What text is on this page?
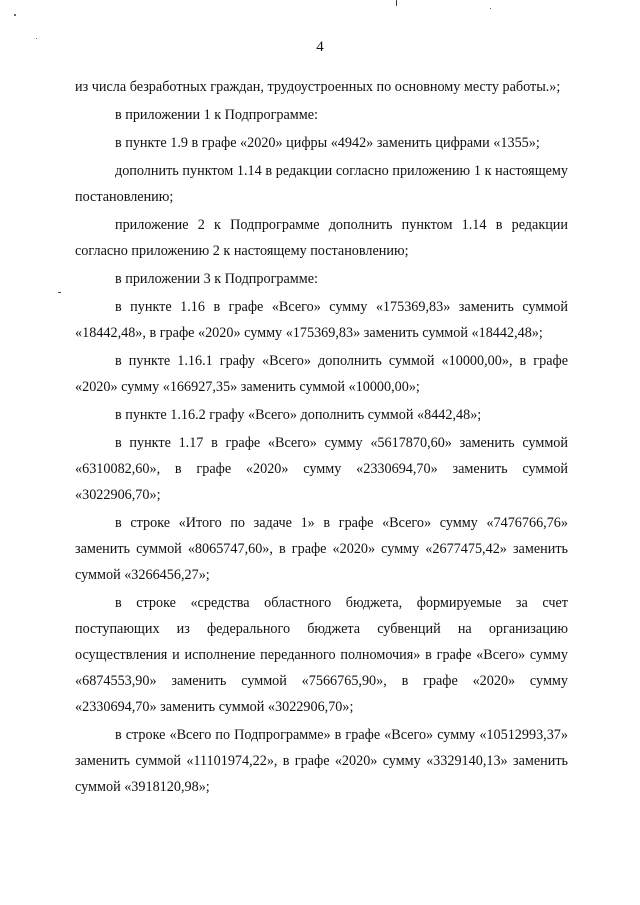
4

из числа безработных граждан, трудоустроенных по основному месту работы.»;

в приложении 1 к Подпрограмме:

в пункте 1.9 в графе «2020» цифры «4942» заменить цифрами «1355»;

дополнить пунктом 1.14 в редакции согласно приложению 1 к настоящему постановлению;

приложение 2 к Подпрограмме дополнить пунктом 1.14 в редакции согласно приложению 2 к настоящему постановлению;

в приложении 3 к Подпрограмме:

в пункте 1.16 в графе «Всего» сумму «175369,83» заменить суммой «18442,48», в графе «2020» сумму «175369,83» заменить суммой «18442,48»;

в пункте 1.16.1 графу «Всего» дополнить суммой «10000,00», в графе «2020» сумму «166927,35» заменить суммой «10000,00»;

в пункте 1.16.2 графу «Всего» дополнить суммой «8442,48»;

в пункте 1.17 в графе «Всего» сумму «5617870,60» заменить суммой «6310082,60», в графе «2020» сумму «2330694,70» заменить суммой «3022906,70»;

в строке «Итого по задаче 1» в графе «Всего» сумму «7476766,76» заменить суммой «8065747,60», в графе «2020» сумму «2677475,42» заменить суммой «3266456,27»;

в строке «средства областного бюджета, формируемые за счет поступающих из федерального бюджета субвенций на организацию осуществления и исполнение переданного полномочия» в графе «Всего» сумму «6874553,90» заменить суммой «7566765,90», в графе «2020» сумму «2330694,70» заменить суммой «3022906,70»;

в строке «Всего по Подпрограмме» в графе «Всего» сумму «10512993,37» заменить суммой «11101974,22», в графе «2020» сумму «3329140,13» заменить суммой «3918120,98»;
